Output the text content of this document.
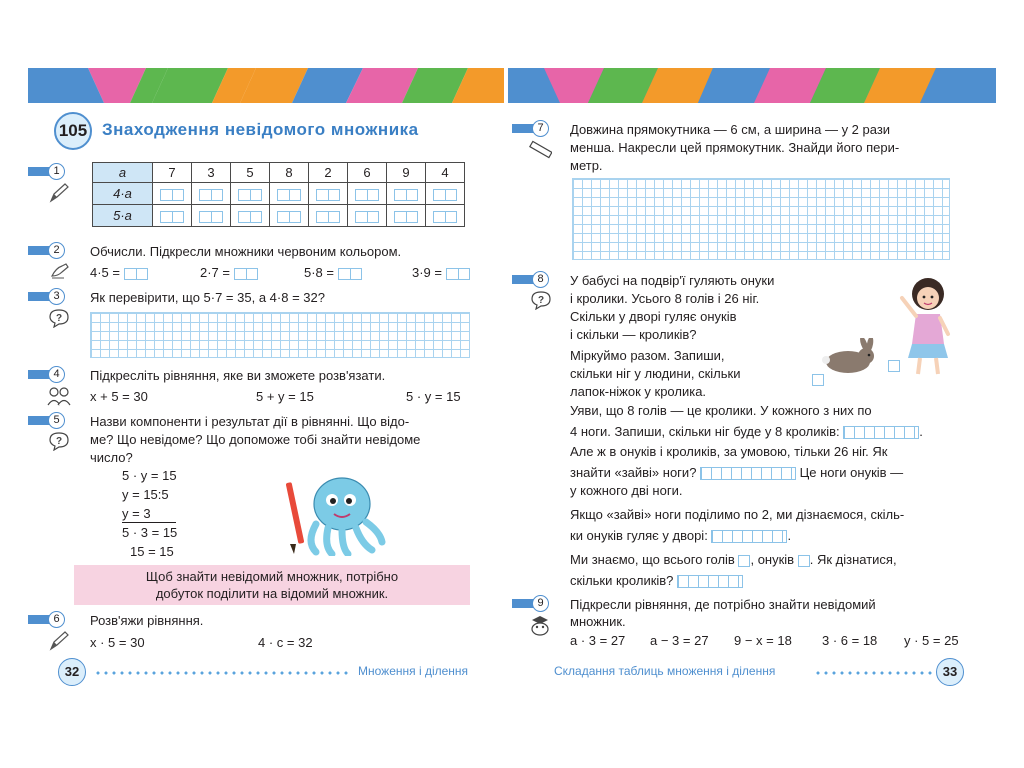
105 Знаходження невідомого множника
1	a	7	3	5	8	2	6	9	4
4·a								
5·a								
2	Обчисли. Підкресли множники червоним кольором.
4·5 =	2·7 =	5·8 =	3·9 =
3
?
Як перевірити, що 5·7 = 35, а 4·8 = 32?
4	Підкресліть рівняння, яке ви зможете розв'язати.
x + 5 = 30	5 + y = 15	5 · y = 15
5
?
Назви компоненти і результат дії в рівнянні. Що відо-
ме? Що невідоме? Що допоможе тобі знайти невідоме
число?
5 · y = 15
y = 15:5
y = 3
5 · 3 = 15
15 = 15
Щоб знайти невідомий множник, потрібно
добуток поділити на відомий множник.
6	Розв'яжи рівняння.
x · 5 = 30	4 · c = 32
32	Множення і ділення
7	Довжина прямокутника — 6 см, а ширина — у 2 рази
менша. Накресли цей прямокутник. Знайди його пери-
метр.
8
?
У бабусі на подвір'ї гуляють онуки
і кролики. Усього 8 голів і 26 ніг.
Скільки у дворі гуляє онуків
і скільки — кроликів?
Міркуймо разом. Запиши,
скільки ніг у людини, скільки
лапок-ніжок у кролика.
Уяви, що 8 голів — це кролики. У кожного з них по
4 ноги. Запиши, скільки ніг буде у 8 кроликів:	.
Але ж в онуків і кроликів, за умовою, тільки 26 ніг. Як
знайти «зайві» ноги?	Це ноги онуків —
у кожного дві ноги.
Якщо «зайві» ноги поділимо по 2, ми дізнаємося, скіль-
ки онуків гуляє у дворі:	.
Ми знаємо, що всього голів , онуків . Як дізнатися,
скільки кроликів?
9	Підкресли рівняння, де потрібно знайти невідомий
множник.
a · 3 = 27 a − 3 = 27 9 − x = 18 3 · 6 = 18 y · 5 = 25
Складання таблиць множення і ділення	33
